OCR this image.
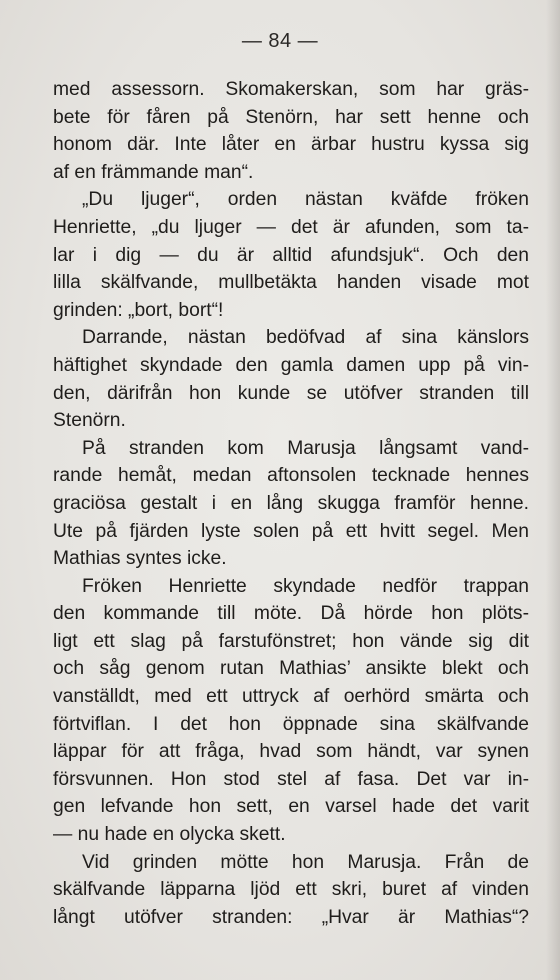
— 84 —
med assessorn. Skomakerskan, som har gräs-
bete för fåren på Stenörn, har sett henne och
honom där. Inte låter en ärbar hustru kyssa sig
af en främmande man“.
„Du ljuger“, orden nästan kväfde fröken
Henriette, „du ljuger — det är afunden, som ta-
lar i dig — du är alltid afundsjuk“. Och den
lilla skälfvande, mullbetäkta handen visade mot
grinden: „bort, bort“!
Darrande, nästan bedöfvad af sina känslors
häftighet skyndade den gamla damen upp på vin-
den, därifrån hon kunde se utöfver stranden till
Stenörn.
På stranden kom Marusja långsamt vand-
rande hemåt, medan aftonsolen tecknade hennes
graciösa gestalt i en lång skugga framför henne.
Ute på fjärden lyste solen på ett hvitt segel. Men
Mathias syntes icke.
Fröken Henriette skyndade nedför trappan
den kommande till möte. Då hörde hon plöts-
ligt ett slag på farstufönstret; hon vände sig dit
och såg genom rutan Mathias’ ansikte blekt och
vanställdt, med ett uttryck af oerhörd smärta och
förtviflan. I det hon öppnade sina skälfvande
läppar för att fråga, hvad som händt, var synen
försvunnen. Hon stod stel af fasa. Det var in-
gen lefvande hon sett, en varsel hade det varit
— nu hade en olycka skett.
Vid grinden mötte hon Marusja. Från de
skälfvande läpparna ljöd ett skri, buret af vinden
långt utöfver stranden: „Hvar är Mathias“?
